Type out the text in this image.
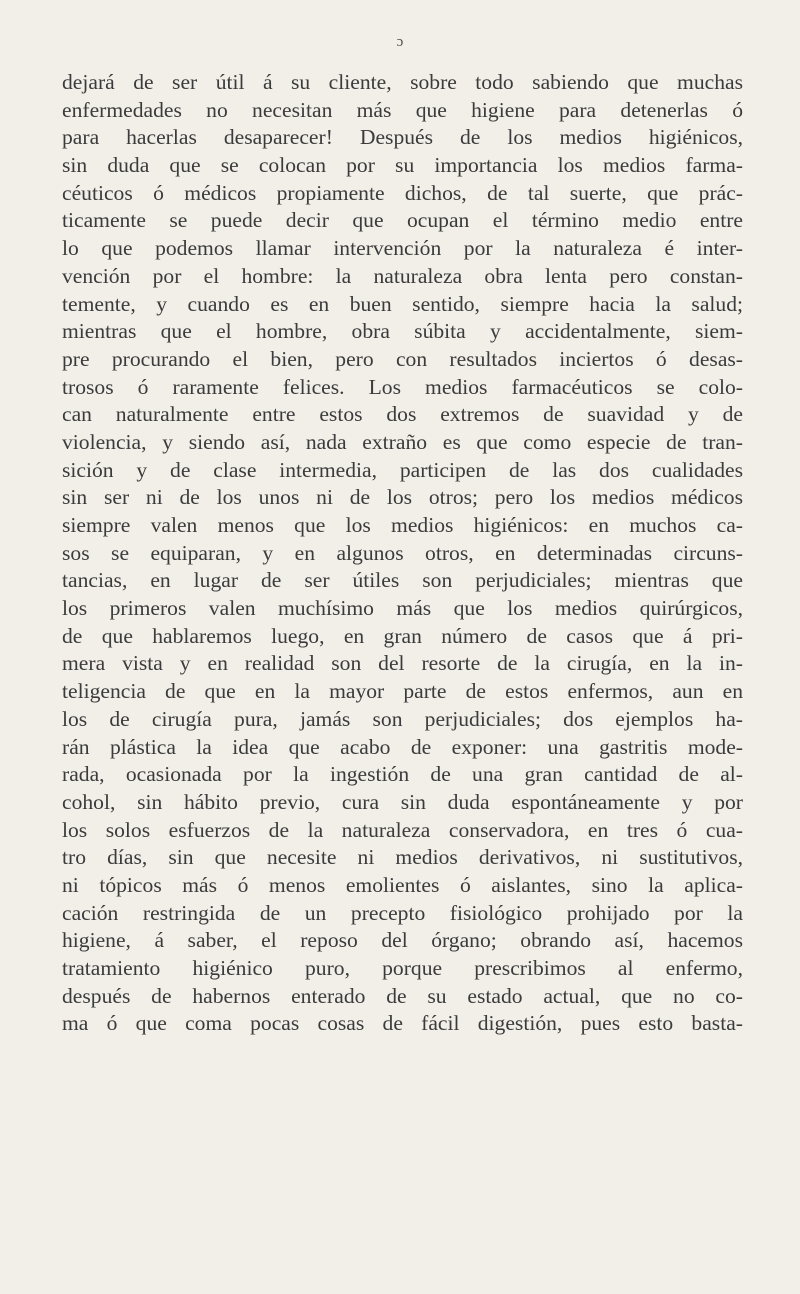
ɔ
dejará de ser útil á su cliente, sobre todo sabiendo que muchas
enfermedades no necesitan más que higiene para detenerlas ó
para hacerlas desaparecer! Después de los medios higiénicos,
sin duda que se colocan por su importancia los medios farma-
céuticos ó médicos propiamente dichos, de tal suerte, que prác-
ticamente se puede decir que ocupan el término medio entre
lo que podemos llamar intervención por la naturaleza é inter-
vención por el hombre: la naturaleza obra lenta pero constan-
temente, y cuando es en buen sentido, siempre hacia la salud;
mientras que el hombre, obra súbita y accidentalmente, siem-
pre procurando el bien, pero con resultados inciertos ó desas-
trosos ó raramente felices. Los medios farmacéuticos se colo-
can naturalmente entre estos dos extremos de suavidad y de
violencia, y siendo así, nada extraño es que como especie de tran-
sición y de clase intermedia, participen de las dos cualidades
sin ser ni de los unos ni de los otros; pero los medios médicos
siempre valen menos que los medios higiénicos: en muchos ca-
sos se equiparan, y en algunos otros, en determinadas circuns-
tancias, en lugar de ser útiles son perjudiciales; mientras que
los primeros valen muchísimo más que los medios quirúrgicos,
de que hablaremos luego, en gran número de casos que á pri-
mera vista y en realidad son del resorte de la cirugía, en la in-
teligencia de que en la mayor parte de estos enfermos, aun en
los de cirugía pura, jamás son perjudiciales; dos ejemplos ha-
rán plástica la idea que acabo de exponer: una gastritis mode-
rada, ocasionada por la ingestión de una gran cantidad de al-
cohol, sin hábito previo, cura sin duda espontáneamente y por
los solos esfuerzos de la naturaleza conservadora, en tres ó cua-
tro días, sin que necesite ni medios derivativos, ni sustitutivos,
ni tópicos más ó menos emolientes ó aislantes, sino la aplica-
cación restringida de un precepto fisiológico prohijado por la
higiene, á saber, el reposo del órgano; obrando así, hacemos
tratamiento higiénico puro, porque prescribimos al enfermo,
después de habernos enterado de su estado actual, que no co-
ma ó que coma pocas cosas de fácil digestión, pues esto basta-
